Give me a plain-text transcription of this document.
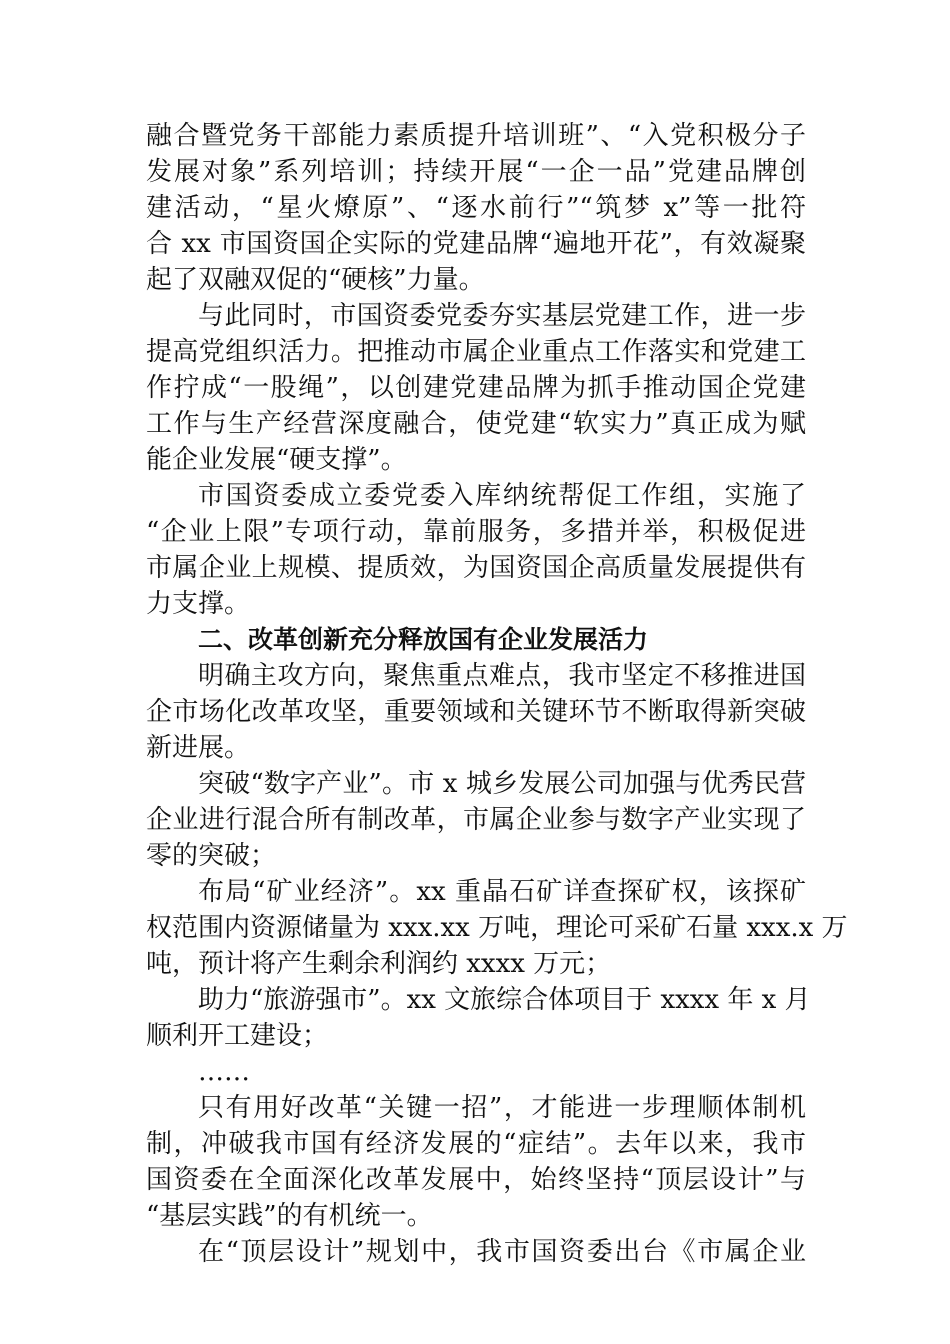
融合暨党务干部能力素质提升培训班”、“入党积极分子
发展对象”系列培训；持续开展“一企一品”党建品牌创
建活动，“星火燎原”、“逐水前行”“筑梦 x”等一批符
合 xx 市国资国企实际的党建品牌“遍地开花”，有效凝聚
起了双融双促的“硬核”力量。
与此同时，市国资委党委夯实基层党建工作，进一步
提高党组织活力。把推动市属企业重点工作落实和党建工
作拧成“一股绳”，以创建党建品牌为抓手推动国企党建
工作与生产经营深度融合，使党建“软实力”真正成为赋
能企业发展“硬支撑”。
市国资委成立委党委入库纳统帮促工作组，实施了
“企业上限”专项行动，靠前服务，多措并举，积极促进
市属企业上规模、提质效，为国资国企高质量发展提供有
力支撑。
二、改革创新充分释放国有企业发展活力
明确主攻方向，聚焦重点难点，我市坚定不移推进国
企市场化改革攻坚，重要领域和关键环节不断取得新突破
新进展。
突破“数字产业”。市 x 城乡发展公司加强与优秀民营
企业进行混合所有制改革，市属企业参与数字产业实现了
零的突破；
布局“矿业经济”。xx 重晶石矿详查探矿权，该探矿
权范围内资源储量为 xxx.xx 万吨，理论可采矿石量 xxx.x 万
吨，预计将产生剩余利润约 xxxx 万元；
助力“旅游强市”。xx 文旅综合体项目于 xxxx 年 x 月
顺利开工建设；
……
只有用好改革“关键一招”，才能进一步理顺体制机
制，冲破我市国有经济发展的“症结”。去年以来，我市
国资委在全面深化改革发展中，始终坚持“顶层设计”与
“基层实践”的有机统一。
在“顶层设计”规划中，我市国资委出台《市属企业
